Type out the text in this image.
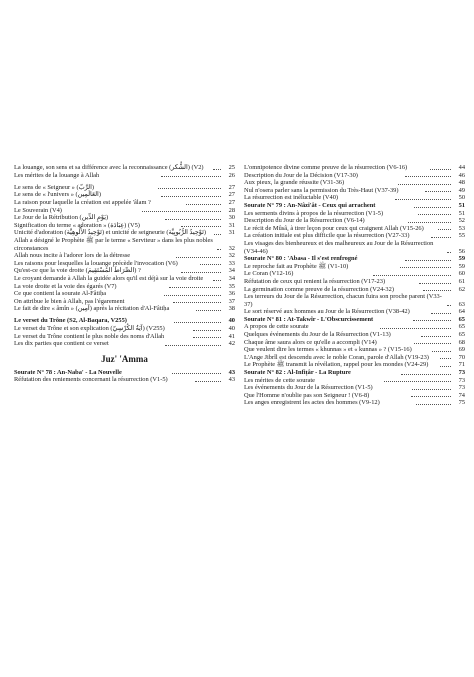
La louange, son sens et sa différence avec la reconnaissance (الشُّكر) (V2)	25
Les mérites de la louange à Allah	26
Le sens de « Seigneur » (الرَّبّ)	27
Le sens de « l'univers » (العَالَمِين)	27
La raison pour laquelle la création est appelée 'âlam ?	27
Le Souverain (V4)	28
Le Jour de la Rétribution (يَوْمِ الدِّين)	30
Signification du terme « adoration » (عِبَادَة) (V5)	31
Unicité d'adoration (تَوْحِيدُ الأُلُوهِيَّة) et unicité de seigneurie (تَوْحِيدُ الرُّبُوبِيَّة)	31
Allah a désigné le Prophète ﷺ par le terme « Serviteur » dans les plus nobles circonstances	32
Allah nous incite à l'adorer lors de la détresse	32
Les raisons pour lesquelles la louange précède l'invocation (V6)	33
Qu'est-ce que la voie droite (الصِّرَاطَ المُسْتَقِيمَ) ?	34
Le croyant demande à Allah la guidée alors qu'il est déjà sur la voie droite	34
La voie droite et la voie des égarés (V7)	35
Ce que contient la sourate Al-Fâtiḥa	36
On attribue le bien à Allah, pas l'égarement	37
Le fait de dire « âmîn » (آمِين) après la récitation d'Al-Fâtiḥa	38
Le verset du Trône (S2, Al-Baqara, V255)	40
Le verset du Trône et son explication (آيَةُ الكُرْسِيّ) (V255)	40
Le verset du Trône contient le plus noble des noms d'Allah	41
Les dix parties que contient ce verset	42
Juz' 'Amma
Sourate N° 78 : An-Naba' - La Nouvelle	43
Réfutation des reniements concernant la résurrection (V1-5)	43
L'omnipotence divine comme preuve de la résurrection (V6-16)	44
Description du Jour de la Décision (V17-30)	46
Aux pieux, la grande réussite (V31-36)	48
Nul n'osera parler sans la permission du Très-Haut (V37-39)	49
La résurrection est inéluctable (V40)	50
Sourate N° 79 : An-Nâzi'ât - Ceux qui arrachent	51
Les serments divins à propos de la résurrection (V1-5)	51
Description du Jour de la Résurrection (V6-14)	52
Le récit de Mûsâ, à tirer leçon pour ceux qui craignent Allah (V15-26)	53
La création initiale est plus difficile que la résurrection (V27-33)	55
Les visages des bienheureux et des malheureux au Jour de la Résurrection (V34-46)	56
Sourate N° 80 : 'Abasa - Il s'est renfrogné	59
Le reproche fait au Prophète ﷺ (V1-10)	59
Le Coran (V12-16)	60
Réfutation de ceux qui renient la résurrection (V17-23)	61
La germination comme preuve de la résurrection (V24-32)	62
Les terreurs du Jour de la Résurrection, chacun fuira son proche parent (V33-37)	63
Le sort réservé aux hommes au Jour de la Résurrection (V38-42)	64
Sourate N° 81 : At-Takwîr - L'Obscurcissement	65
A propos de cette sourate	65
Quelques événements du Jour de la Résurrection (V1-13)	65
Chaque âme saura alors ce qu'elle a accompli (V14)	68
Que veulent dire les termes « khunnas » et « kunnas » ? (V15-16)	69
L'Ange Jibrîl est descendu avec le noble Coran, parole d'Allah (V19-23)	70
Le Prophète ﷺ transmit la révélation, rappel pour les mondes (V24-29)	71
Sourate N° 82 : Al-Infiṭâr - La Rupture	73
Les mérites de cette sourate	73
Les événements du Jour de la Résurrection (V1-5)	73
Que l'Homme n'oublie pas son Seigneur ! (V6-8)	74
Les anges enregistrent les actes des hommes (V9-12)	75
